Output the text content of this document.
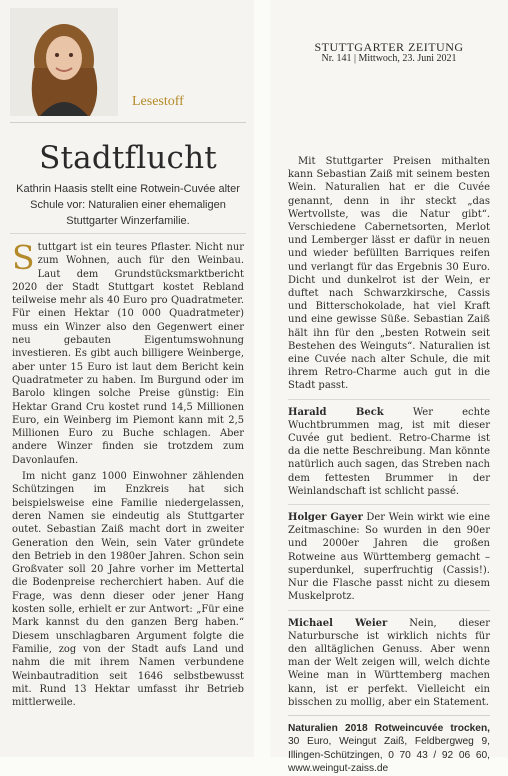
Lesestoff
Stadtflucht
Kathrin Haasis stellt eine Rotwein-Cuvée alter Schule vor: Naturalien einer ehemaligen Stuttgarter Winzerfamilie.
S tuttgart ist ein teures Pflaster. Nicht nur zum Wohnen, auch für den Weinbau. Laut dem Grundstücksmarktbericht 2020 der Stadt Stuttgart kostet Rebland teilweise mehr als 40 Euro pro Quadratmeter. Für einen Hektar (10 000 Quadratmeter) muss ein Winzer also den Gegenwert einer neu gebauten Eigentumswohnung investieren. Es gibt auch billigere Weinberge, aber unter 15 Euro ist laut dem Bericht kein Quadratmeter zu haben. Im Burgund oder im Barolo klingen solche Preise günstig: Ein Hektar Grand Cru kostet rund 14,5 Millionen Euro, ein Weinberg im Piemont kann mit 2,5 Millionen Euro zu Buche schlagen. Aber andere Winzer finden sie trotzdem zum Davonlaufen.
Im nicht ganz 1000 Einwohner zählenden Schützingen im Enzkreis hat sich beispielsweise eine Familie niedergelassen, deren Namen sie eindeutig als Stuttgarter outet. Sebastian Zaiß macht dort in zweiter Generation den Wein, sein Vater gründete den Betrieb in den 1980er Jahren. Schon sein Großvater soll 20 Jahre vorher im Mettertal die Bodenpreise recherchiert haben. Auf die Frage, was denn dieser oder jener Hang kosten solle, erhielt er zur Antwort: „Für eine Mark kannst du den ganzen Berg haben.“ Diesem unschlagbaren Argument folgte die Familie, zog von der Stadt aufs Land und nahm die mit ihrem Namen verbundene Weinbautradition seit 1646 selbstbewusst mit. Rund 13 Hektar umfasst ihr Betrieb mittlerweile.
STUTTGARTER ZEITUNG
Nr. 141 | Mittwoch, 23. Juni 2021

Mit Stuttgarter Preisen mithalten kann Sebastian Zaiß mit seinem besten Wein. Naturalien hat er die Cuvée genannt, denn in ihr steckt „das Wertvollste, was die Natur gibt“. Verschiedene Cabernetsorten, Merlot und Lemberger lässt er dafür in neuen und wieder befüllten Barriques reifen und verlangt für das Ergebnis 30 Euro. Dicht und dunkelrot ist der Wein, er duftet nach Schwarzkirsche, Cassis und Bitterschokolade, hat viel Kraft und eine gewisse Süße. Sebastian Zaiß hält ihn für den „besten Rotwein seit Bestehen des Weinguts“. Naturalien ist eine Cuvée nach alter Schule, die mit ihrem Retro-Charme auch gut in die Stadt passt.

Harald Beck	Wer echte Wuchtbrummen mag, ist mit dieser Cuvée gut bedient. Retro-Charme ist da die nette Beschreibung. Man könnte natürlich auch sagen, das Streben nach dem fettesten Brummer in der Weinlandschaft ist schlicht passé.

Holger Gayer Der Wein wirkt wie eine Zeitmaschine: So wurden in den 90er und 2000er Jahren die großen Rotweine aus Württemberg gemacht – superdunkel, superfruchtig (Cassis!). Nur die Flasche passt nicht zu diesem Muskelprotz.

Michael Weier Nein, dieser Naturbursche ist wirklich nichts für den alltäglichen Genuss. Aber wenn man der Welt zeigen will, welch dichte Weine man in Württemberg machen kann, ist er perfekt. Vielleicht ein bisschen zu mollig, aber ein Statement.

Naturalien 2018 Rotweincuvée trocken, 30 Euro, Weingut Zaiß, Feldbergweg 9, Illingen-Schützingen, 0 70 43 / 92 06 60, www.weingut-zaiss.de
